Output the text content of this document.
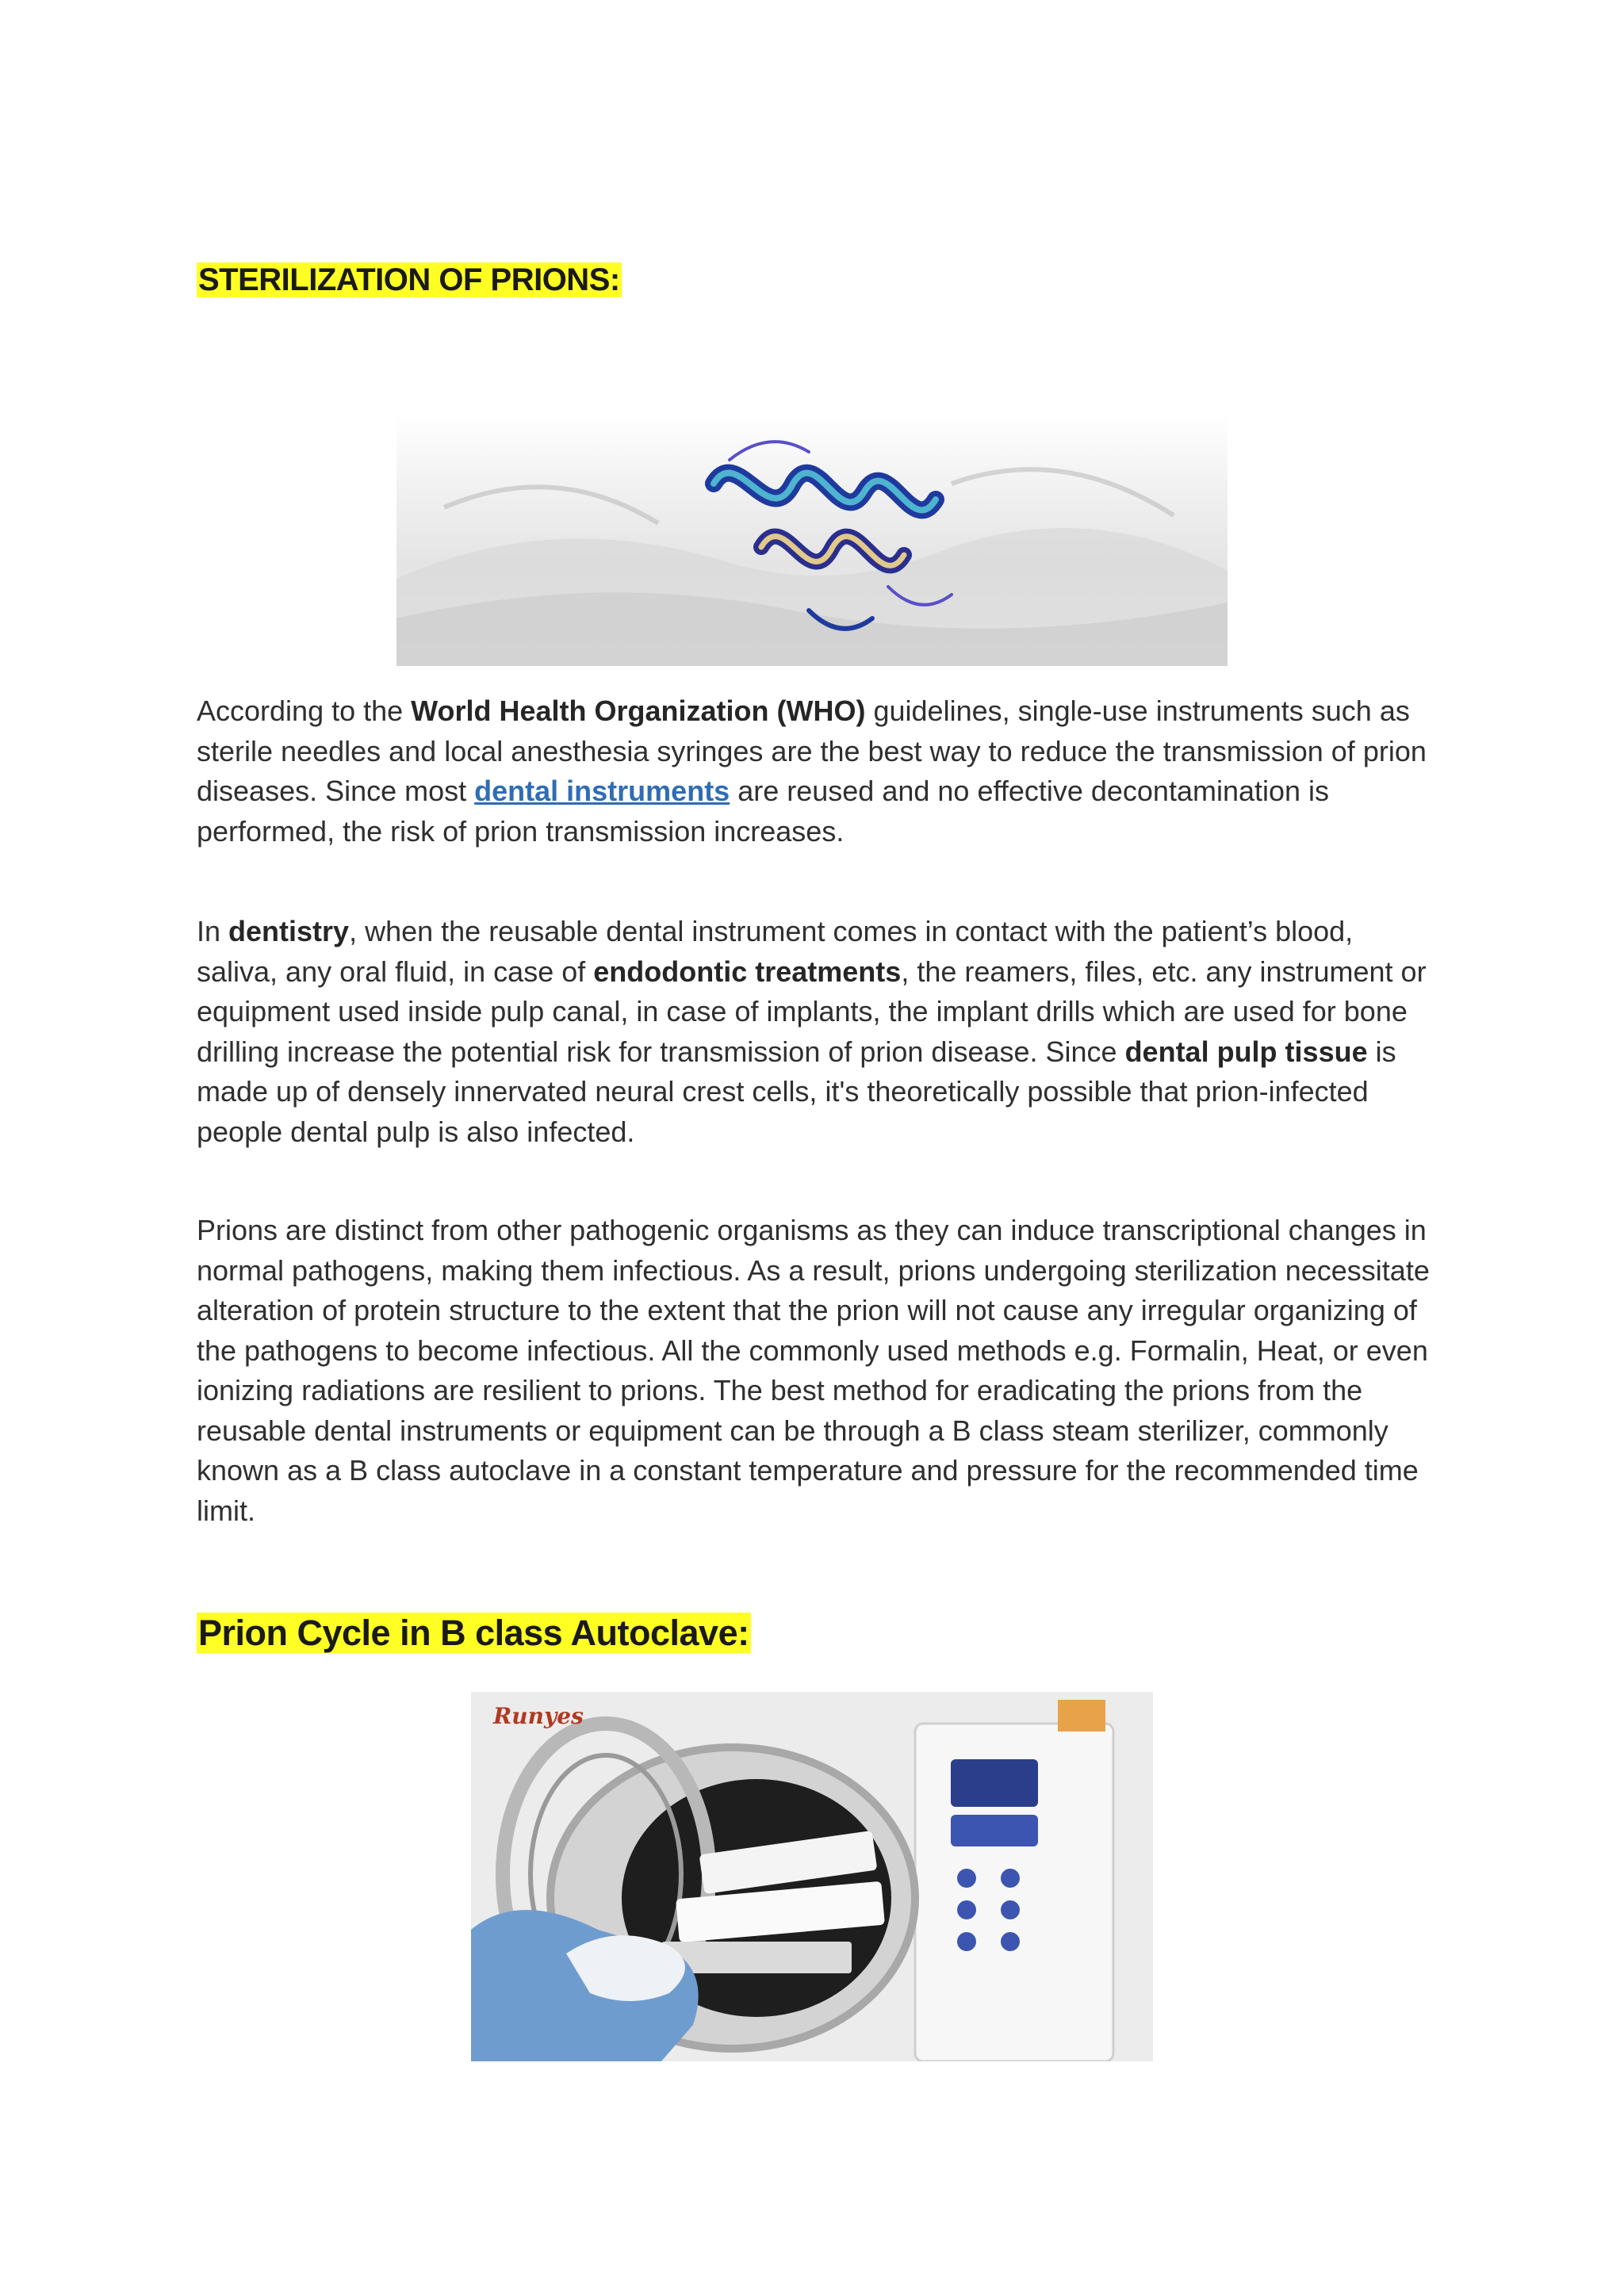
STERILIZATION OF PRIONS:
According to the World Health Organization (WHO) guidelines, single-use instruments such as sterile needles and local anesthesia syringes are the best way to reduce the transmission of prion diseases. Since most dental instruments are reused and no effective decontamination is performed, the risk of prion transmission increases.
In dentistry, when the reusable dental instrument comes in contact with the patient’s blood, saliva, any oral fluid, in case of endodontic treatments, the reamers, files, etc. any instrument or equipment used inside pulp canal, in case of implants, the implant drills which are used for bone drilling increase the potential risk for transmission of prion disease. Since dental pulp tissue is made up of densely innervated neural crest cells, it's theoretically possible that prion-infected people dental pulp is also infected.
Prions are distinct from other pathogenic organisms as they can induce transcriptional changes in normal pathogens, making them infectious. As a result, prions undergoing sterilization necessitate alteration of protein structure to the extent that the prion will not cause any irregular organizing of the pathogens to become infectious. All the commonly used methods e.g. Formalin, Heat, or even ionizing radiations are resilient to prions. The best method for eradicating the prions from the reusable dental instruments or equipment can be through a B class steam sterilizer, commonly known as a B class autoclave in a constant temperature and pressure for the recommended time limit.
Prion Cycle in B class Autoclave:
Runyes
